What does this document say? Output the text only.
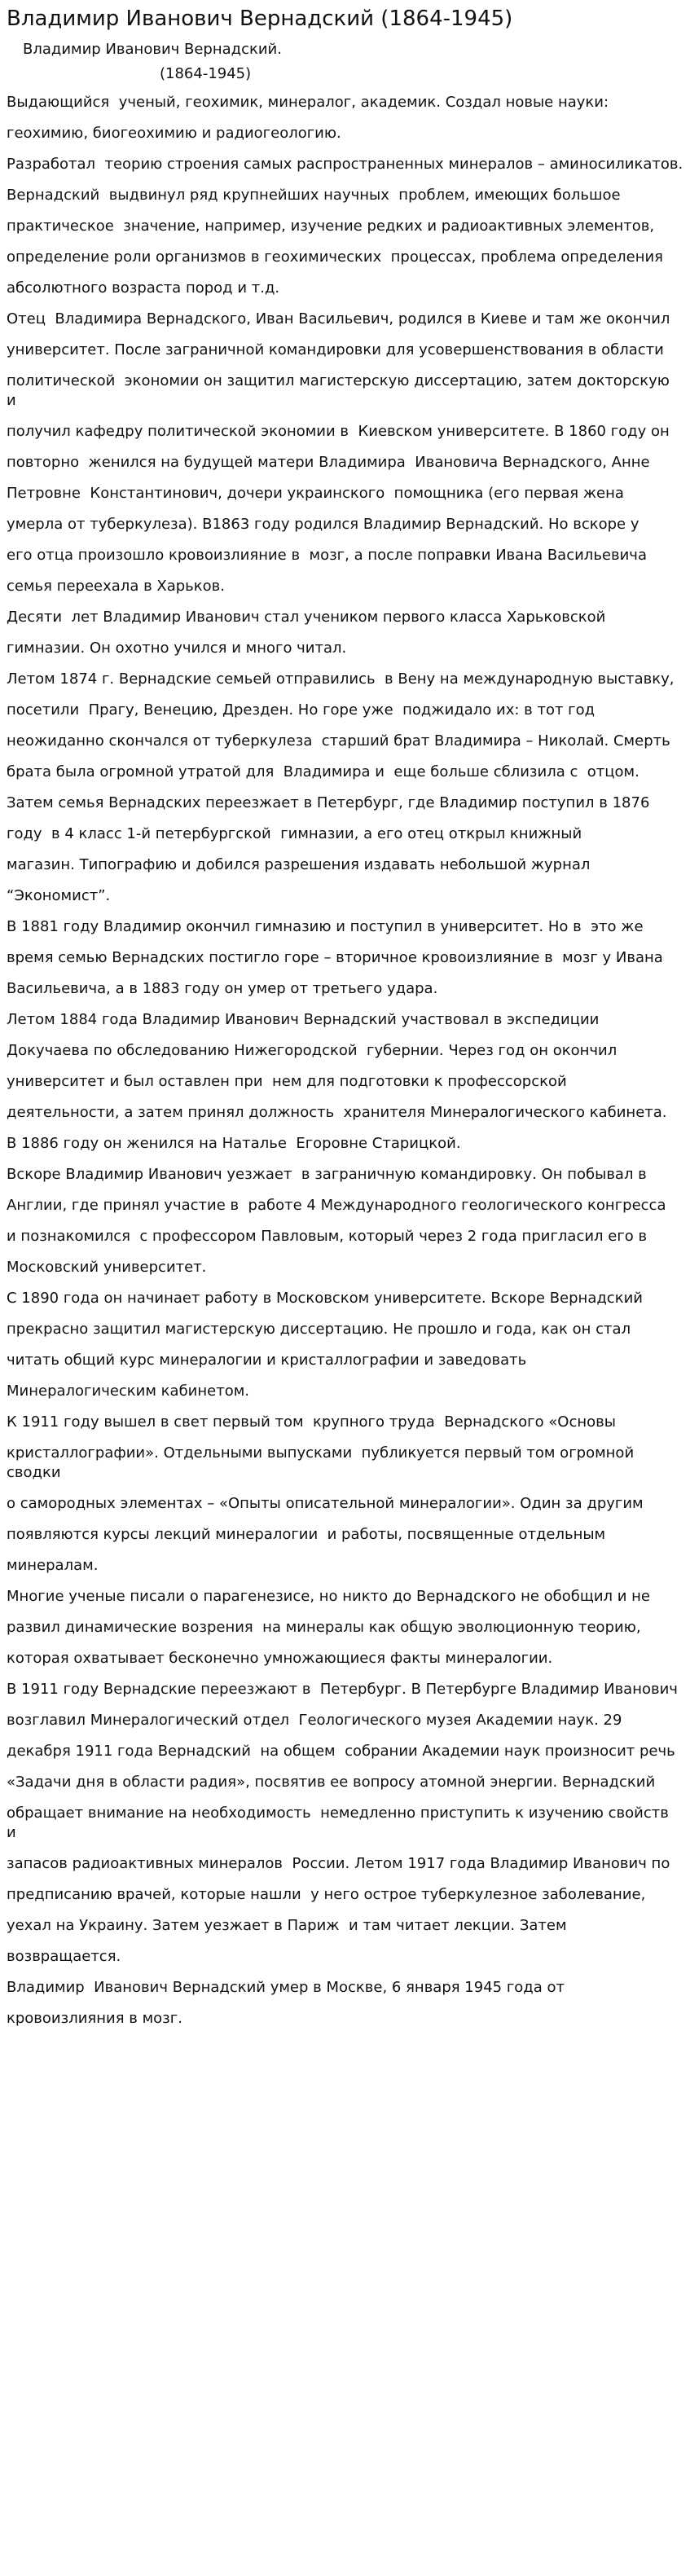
Владимир Иванович Вернадский (1864-1945)

Владимир Иванович Вернадский.

(1864-1945)

Выдающийся  ученый, геохимик, минералог, академик. Создал новые науки:

геохимию, биогеохимию и радиогеологию.

Разработал  теорию строения самых распространенных минералов – аминосиликатов.

Вернадский  выдвинул ряд крупнейших научных  проблем, имеющих большое

практическое  значение, например, изучение редких и радиоактивных элементов,

определение роли организмов в геохимических  процессах, проблема определения

абсолютного возраста пород и т.д.

Отец  Владимира Вернадского, Иван Васильевич, родился в Киеве и там же окончил

университет. После заграничной командировки для усовершенствования в области

политической  экономии он защитил магистерскую диссертацию, затем докторскую и

получил кафедру политической экономии в  Киевском университете. В 1860 году он

повторно  женился на будущей матери Владимира  Ивановича Вернадского, Анне

Петровне  Константинович, дочери украинского  помощника (его первая жена

умерла от туберкулеза). В1863 году родился Владимир Вернадский. Но вскоре у

его отца произошло кровоизлияние в  мозг, а после поправки Ивана Васильевича

семья переехала в Харьков.

Десяти  лет Владимир Иванович стал учеником первого класса Харьковской

гимназии. Он охотно учился и много читал.

Летом 1874 г. Вернадские семьей отправились  в Вену на международную выставку,

посетили  Прагу, Венецию, Дрезден. Но горе уже  поджидало их: в тот год

неожиданно скончался от туберкулеза  старший брат Владимира – Николай. Смерть

брата была огромной утратой для  Владимира и  еще больше сблизила с  отцом.

Затем семья Вернадских переезжает в Петербург, где Владимир поступил в 1876

году  в 4 класс 1-й петербургской  гимназии, а его отец открыл книжный

магазин. Типографию и добился разрешения издавать небольшой журнал

“Экономист”.

В 1881 году Владимир окончил гимназию и поступил в университет. Но в  это же

время семью Вернадских постигло горе – вторичное кровоизлияние в  мозг у Ивана

Васильевича, а в 1883 году он умер от третьего удара.

Летом 1884 года Владимир Иванович Вернадский участвовал в экспедиции

Докучаева по обследованию Нижегородской  губернии. Через год он окончил

университет и был оставлен при  нем для подготовки к профессорской

деятельности, а затем принял должность  хранителя Минералогического кабинета.

В 1886 году он женился на Наталье  Егоровне Старицкой.

Вскоре Владимир Иванович уезжает  в заграничную командировку. Он побывал в

Англии, где принял участие в  работе 4 Международного геологического конгресса

и познакомился  с профессором Павловым, который через 2 года пригласил его в

Московский университет.

С 1890 года он начинает работу в Московском университете. Вскоре Вернадский

прекрасно защитил магистерскую диссертацию. Не прошло и года, как он стал

читать общий курс минералогии и кристаллографии и заведовать

Минералогическим кабинетом.

К 1911 году вышел в свет первый том  крупного труда  Вернадского «Основы

кристаллографии». Отдельными выпусками  публикуется первый том огромной сводки

о самородных элементах – «Опыты описательной минералогии». Один за другим

появляются курсы лекций минералогии  и работы, посвященные отдельным

минералам.

Многие ученые писали о парагенезисе, но никто до Вернадского не обобщил и не

развил динамические возрения  на минералы как общую эволюционную теорию,

которая охватывает бесконечно умножающиеся факты минералогии.

В 1911 году Вернадские переезжают в  Петербург. В Петербурге Владимир Иванович

возглавил Минералогический отдел  Геологического музея Академии наук. 29

декабря 1911 года Вернадский  на общем  собрании Академии наук произносит речь

«Задачи дня в области радия», посвятив ее вопросу атомной энергии. Вернадский

обращает внимание на необходимость  немедленно приступить к изучению свойств  и

запасов радиоактивных минералов  России. Летом 1917 года Владимир Иванович по

предписанию врачей, которые нашли  у него острое туберкулезное заболевание,

уехал на Украину. Затем уезжает в Париж  и там читает лекции. Затем

возвращается.

Владимир  Иванович Вернадский умер в Москве, 6 января 1945 года от

кровоизлияния в мозг.
